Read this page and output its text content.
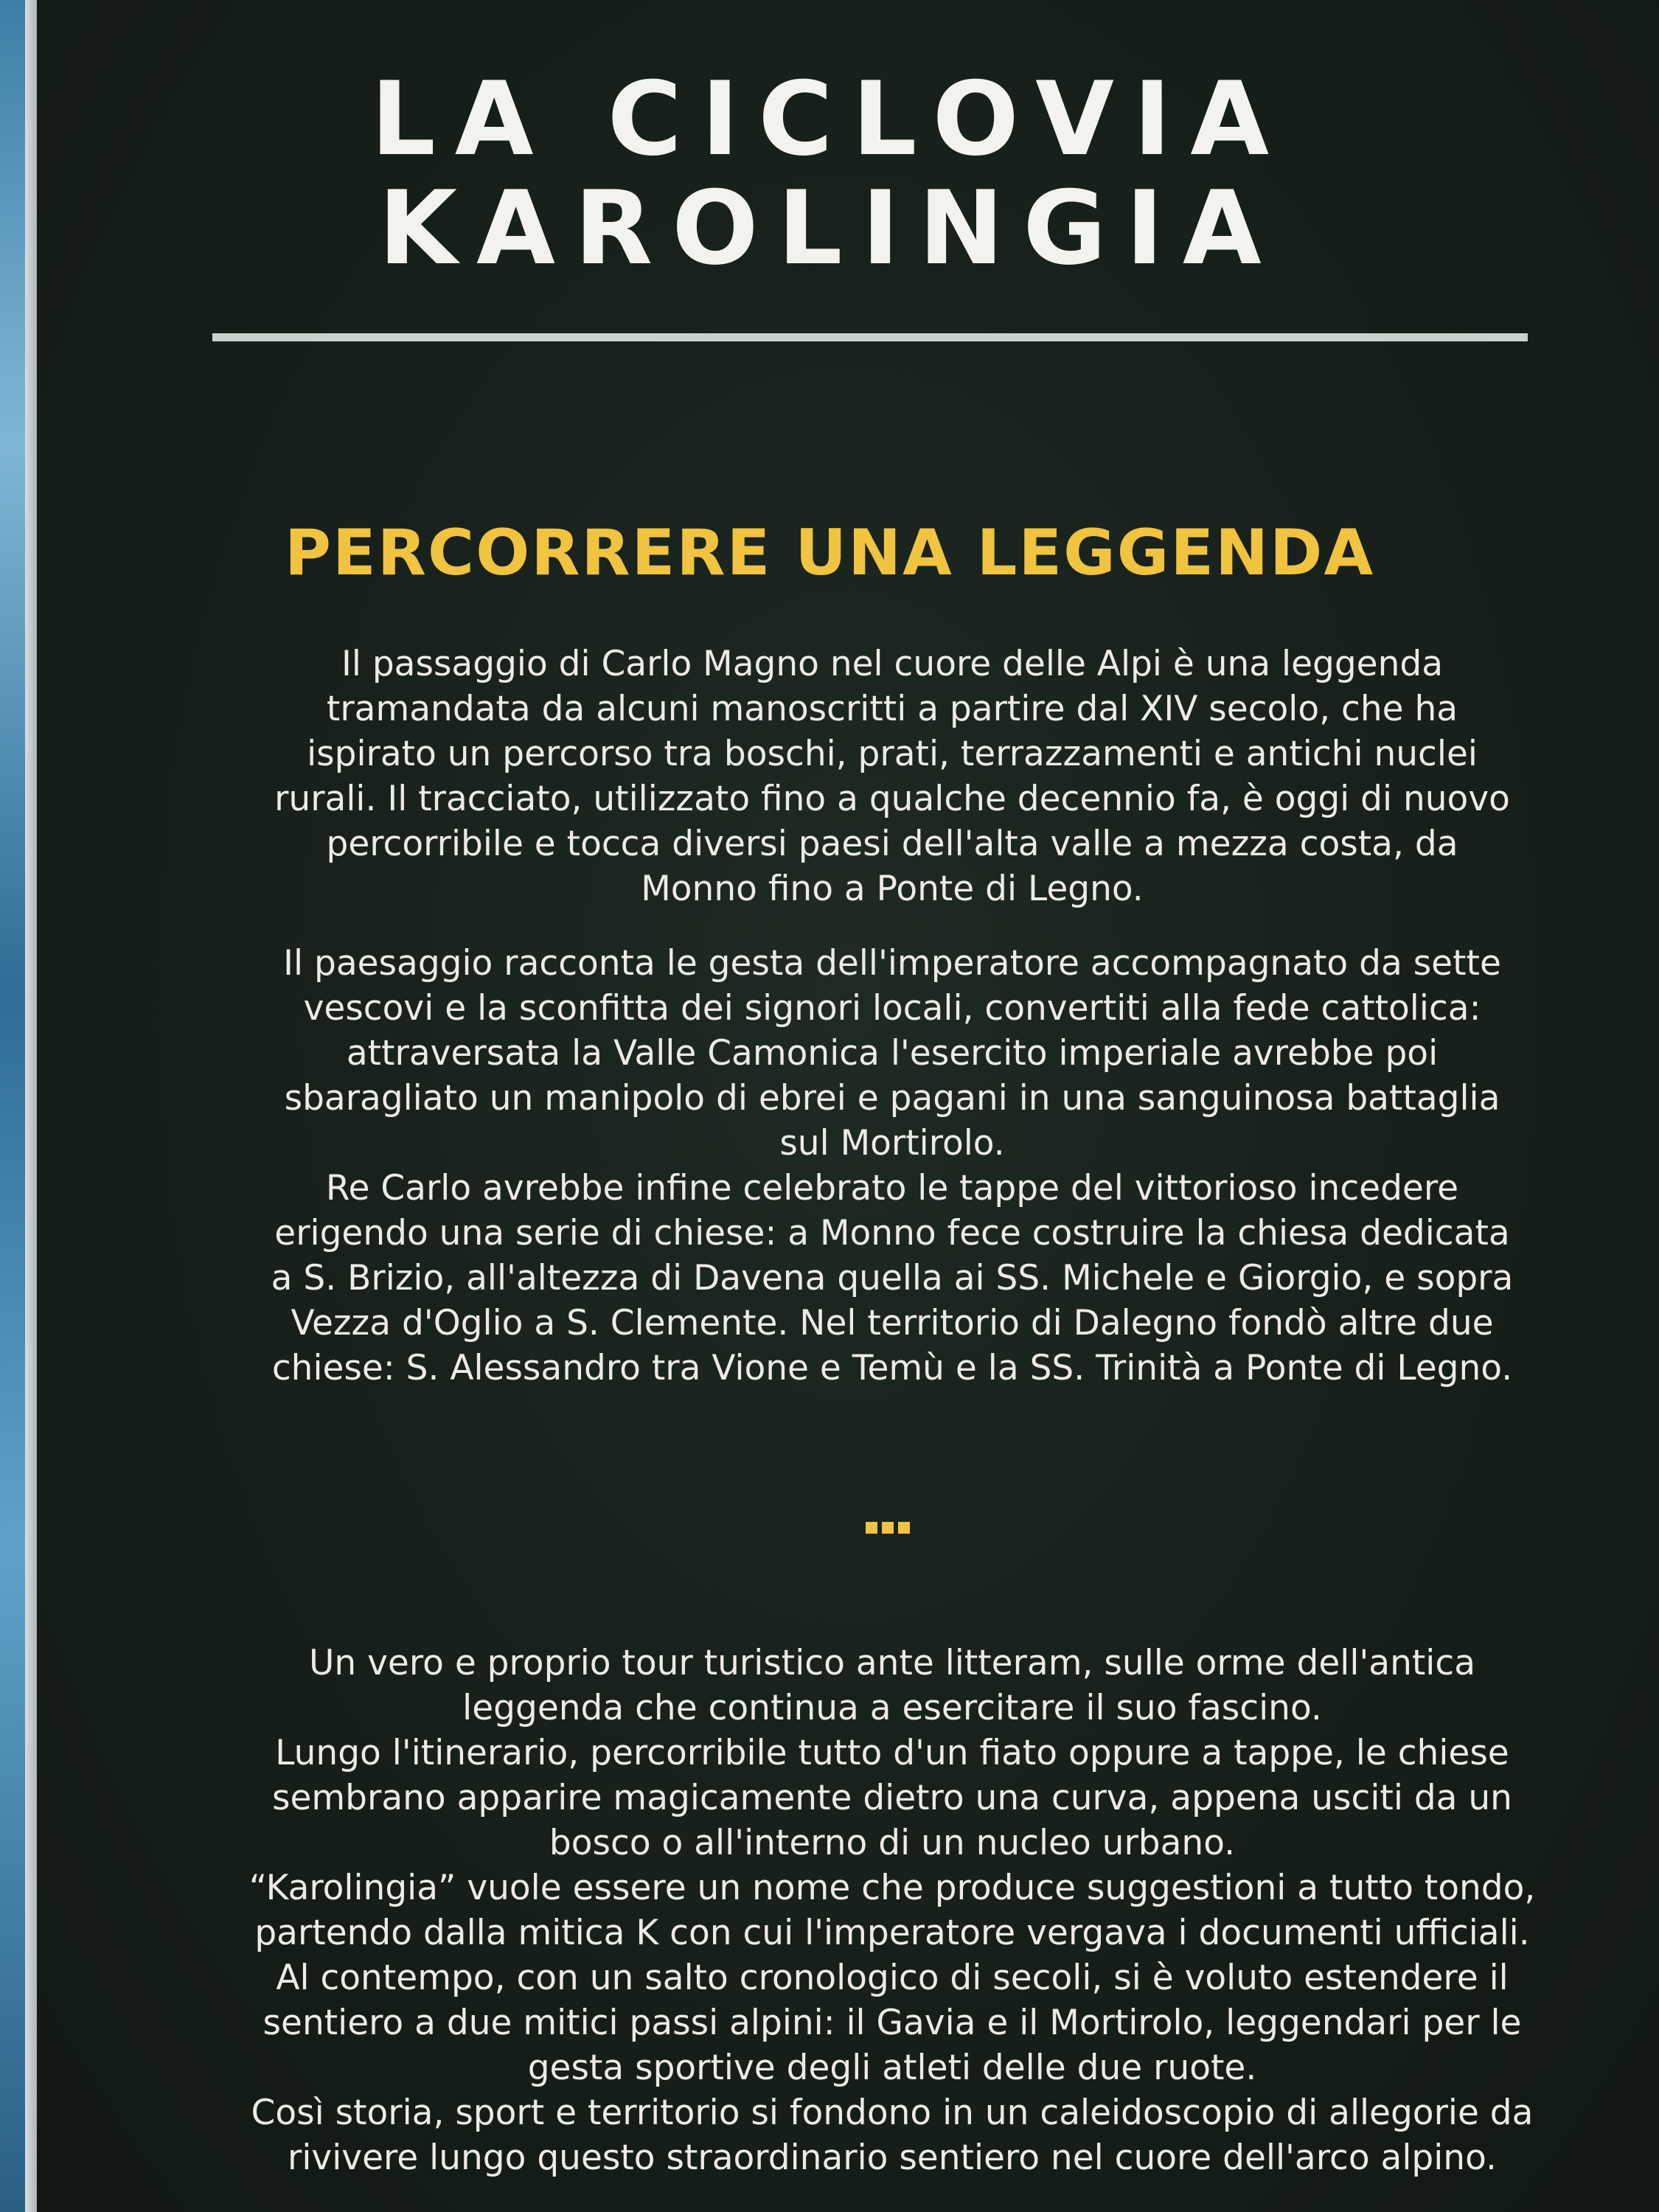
LA CICLOVIA
KAROLINGIA
PERCORRERE UNA LEGGENDA

Il passaggio di Carlo Magno nel cuore delle Alpi è una leggenda

tramandata da alcuni manoscritti a partire dal XIV secolo, che ha

ispirato un percorso tra boschi, prati, terrazzamenti e antichi nuclei

rurali. Il tracciato, utilizzato fino a qualche decennio fa, è oggi di nuovo

percorribile e tocca diversi paesi dell'alta valle a mezza costa, da

Monno fino a Ponte di Legno.

Il paesaggio racconta le gesta dell'imperatore accompagnato da sette

vescovi e la sconfitta dei signori locali, convertiti alla fede cattolica:

attraversata la Valle Camonica l'esercito imperiale avrebbe poi

sbaragliato un manipolo di ebrei e pagani in una sanguinosa battaglia

sul Mortirolo.

Re Carlo avrebbe infine celebrato le tappe del vittorioso incedere

erigendo una serie di chiese: a Monno fece costruire la chiesa dedicata

a S. Brizio, all'altezza di Davena quella ai SS. Michele e Giorgio, e sopra

Vezza d'Oglio a S. Clemente. Nel territorio di Dalegno fondò altre due

chiese: S. Alessandro tra Vione e Temù e la SS. Trinità a Ponte di Legno.

Un vero e proprio tour turistico ante litteram, sulle orme dell'antica

leggenda che continua a esercitare il suo fascino.

Lungo l'itinerario, percorribile tutto d'un fiato oppure a tappe, le chiese

sembrano apparire magicamente dietro una curva, appena usciti da un

bosco o all'interno di un nucleo urbano.

“Karolingia” vuole essere un nome che produce suggestioni a tutto tondo,

partendo dalla mitica K con cui l'imperatore vergava i documenti ufficiali.

Al contempo, con un salto cronologico di secoli, si è voluto estendere il

sentiero a due mitici passi alpini: il Gavia e il Mortirolo, leggendari per le

gesta sportive degli atleti delle due ruote.

Così storia, sport e territorio si fondono in un caleidoscopio di allegorie da

rivivere lungo questo straordinario sentiero nel cuore dell'arco alpino.
